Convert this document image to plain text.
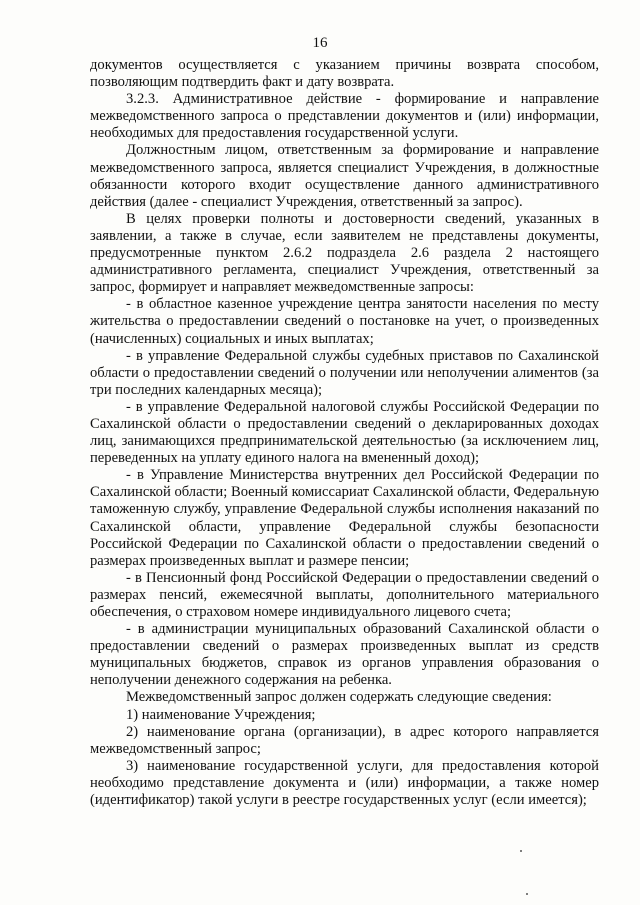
16

документов осуществляется с указанием причины возврата способом, позволяющим подтвердить факт и дату возврата.

3.2.3. Административное действие - формирование и направление межведомственного запроса о представлении документов и (или) информации, необходимых для предоставления государственной услуги.

Должностным лицом, ответственным за формирование и направление межведомственного запроса, является специалист Учреждения, в должностные обязанности которого входит осуществление данного административного действия (далее - специалист Учреждения, ответственный за запрос).

В целях проверки полноты и достоверности сведений, указанных в заявлении, а также в случае, если заявителем не представлены документы, предусмотренные пунктом 2.6.2 подраздела 2.6 раздела 2 настоящего административного регламента, специалист Учреждения, ответственный за запрос, формирует и направляет межведомственные запросы:

- в областное казенное учреждение центра занятости населения по месту жительства о предоставлении сведений о постановке на учет, о произведенных (начисленных) социальных и иных выплатах;

- в управление Федеральной службы судебных приставов по Сахалинской области о предоставлении сведений о получении или неполучении алиментов (за три последних календарных месяца);

- в управление Федеральной налоговой службы Российской Федерации по Сахалинской области о предоставлении сведений о декларированных доходах лиц, занимающихся предпринимательской деятельностью (за исключением лиц, переведенных на уплату единого налога на вмененный доход);

- в Управление Министерства внутренних дел Российской Федерации по Сахалинской области; Военный комиссариат Сахалинской области, Федеральную таможенную службу, управление Федеральной службы исполнения наказаний по Сахалинской области, управление Федеральной службы безопасности Российской Федерации по Сахалинской области о предоставлении сведений о размерах произведенных выплат и размере пенсии;

- в Пенсионный фонд Российской Федерации о предоставлении сведений о размерах пенсий, ежемесячной выплаты, дополнительного материального обеспечения, о страховом номере индивидуального лицевого счета;

- в администрации муниципальных образований Сахалинской области о предоставлении сведений о размерах произведенных выплат из средств муниципальных бюджетов, справок из органов управления образования о неполучении денежного содержания на ребенка.

Межведомственный запрос должен содержать следующие сведения:

1) наименование Учреждения;

2) наименование органа (организации), в адрес которого направляется межведомственный запрос;

3) наименование государственной услуги, для предоставления которой необходимо представление документа и (или) информации, а также номер (идентификатор) такой услуги в реестре государственных услуг (если имеется);
